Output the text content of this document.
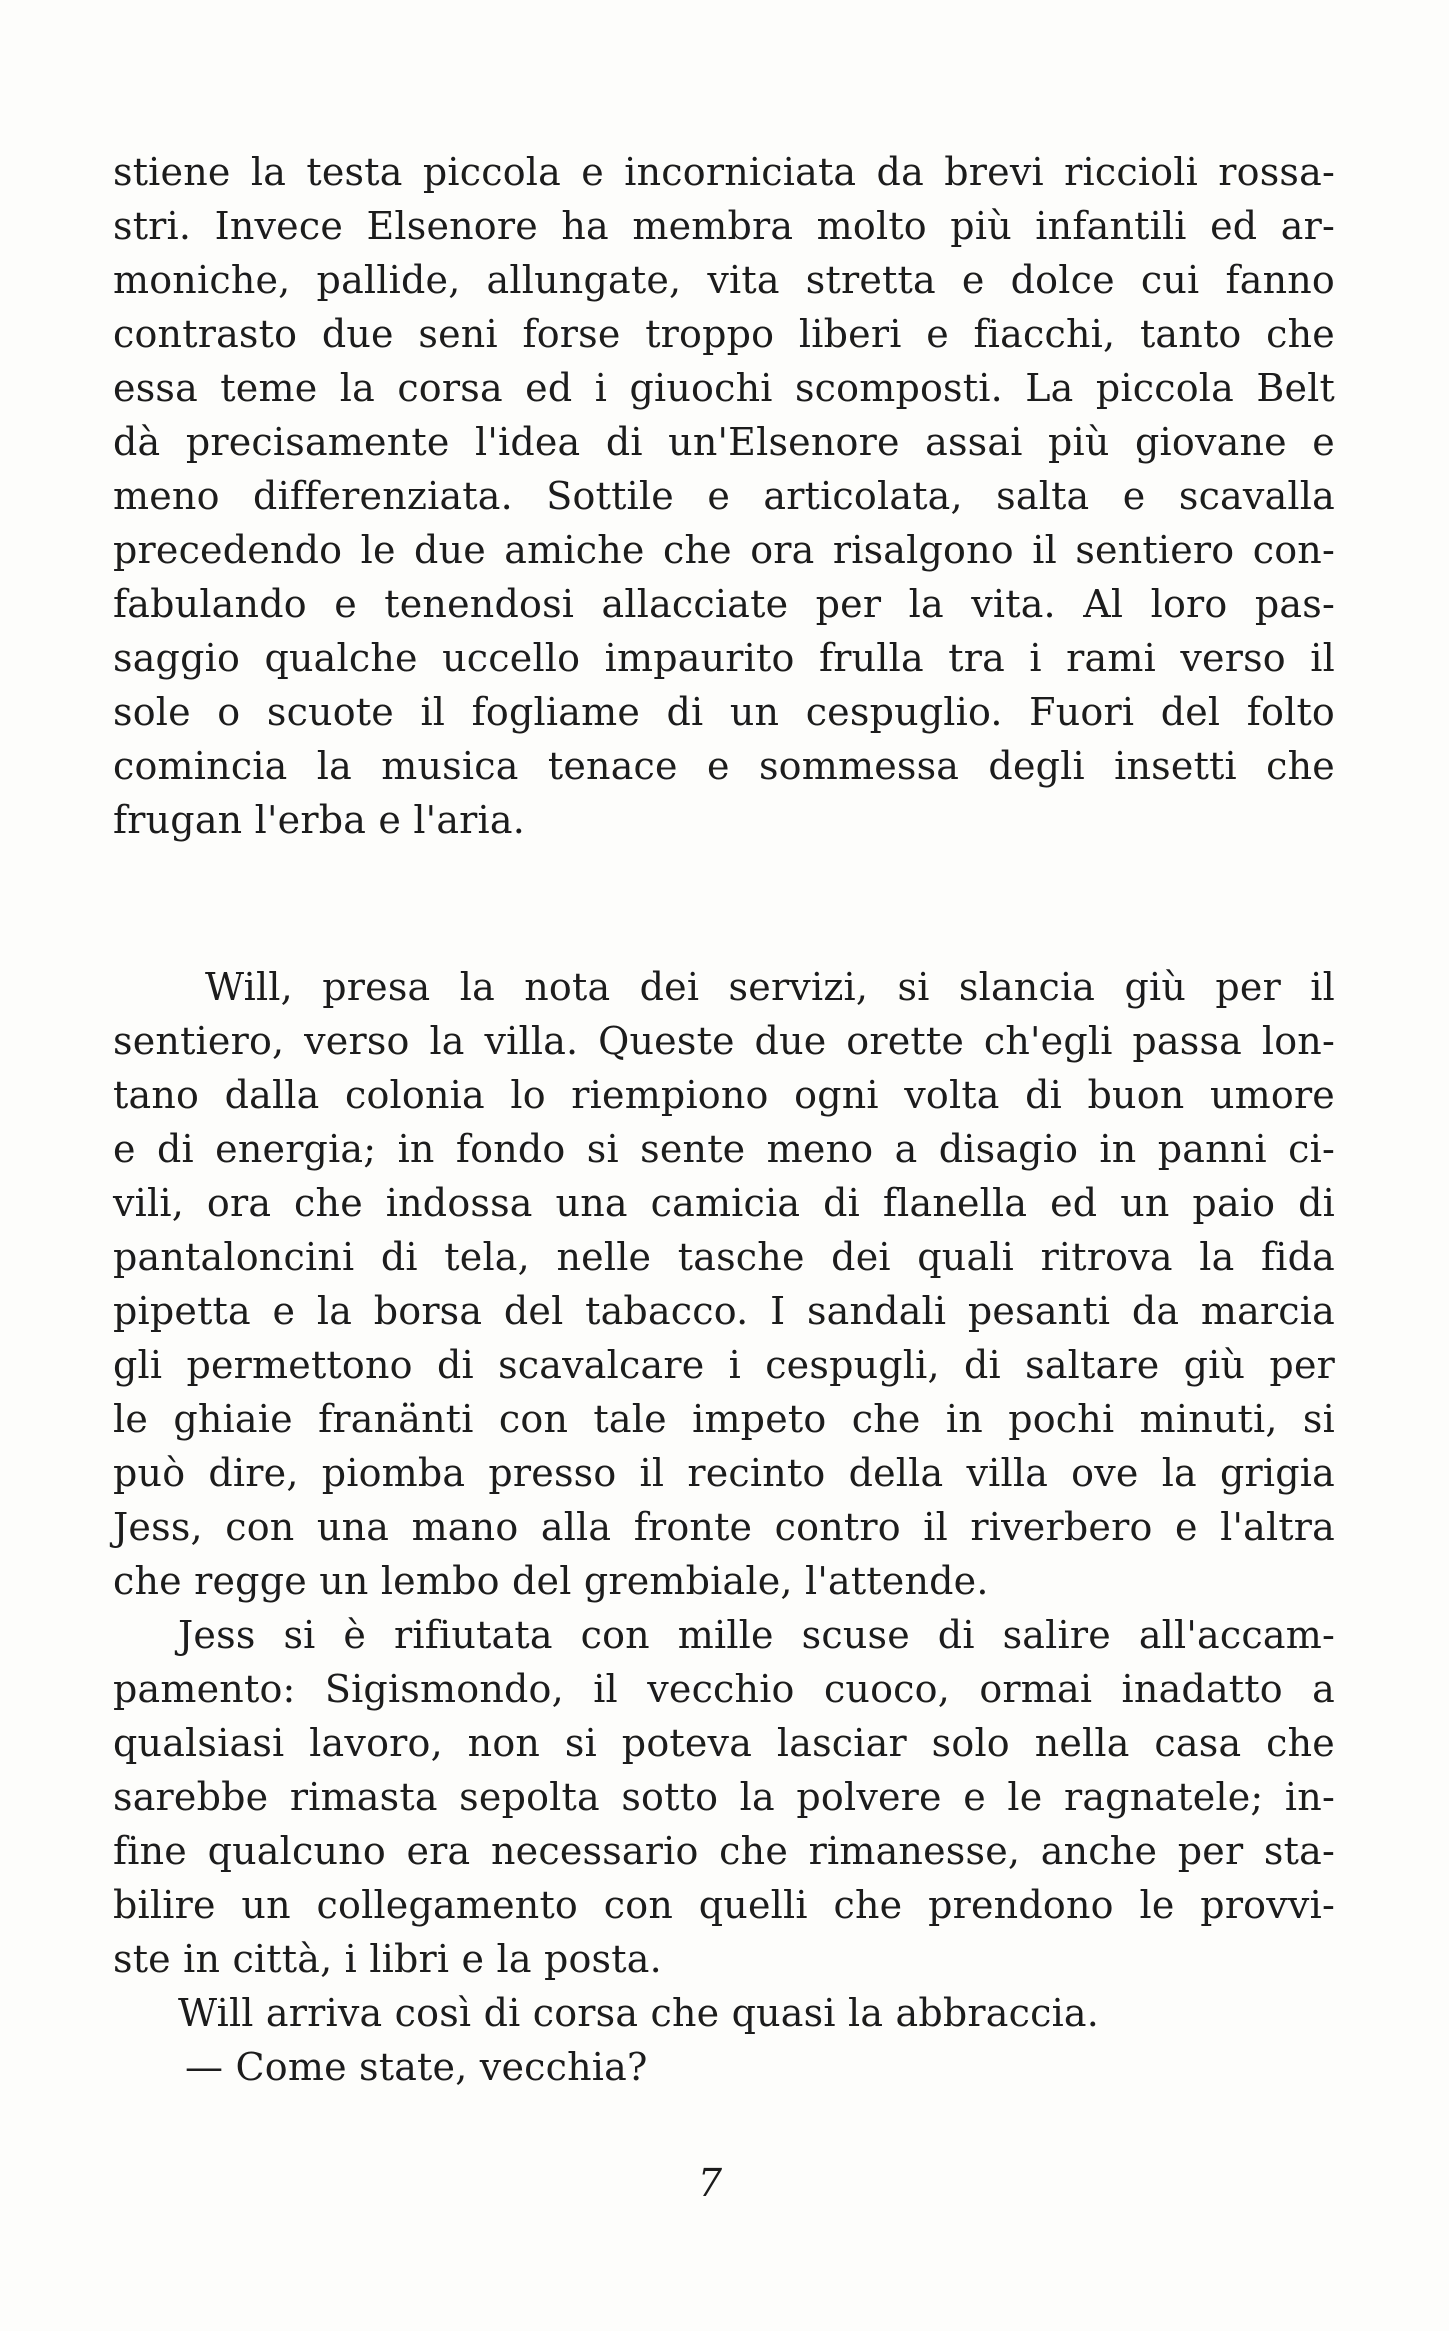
stiene la testa piccola e incorniciata da brevi riccioli rossa-
stri. Invece Elsenore ha membra molto più infantili ed ar-
moniche, pallide, allungate, vita stretta e dolce cui fanno
contrasto due seni forse troppo liberi e fiacchi, tanto che
essa teme la corsa ed i giuochi scomposti. La piccola Belt
dà precisamente l'idea di un'Elsenore assai più giovane e
meno differenziata. Sottile e articolata, salta e scavalla
precedendo le due amiche che ora risalgono il sentiero con-
fabulando e tenendosi allacciate per la vita. Al loro pas-
saggio qualche uccello impaurito frulla tra i rami verso il
sole o scuote il fogliame di un cespuglio. Fuori del folto
comincia la musica tenace e sommessa degli insetti che
frugan l'erba e l'aria.
Will, presa la nota dei servizi, si slancia giù per il
sentiero, verso la villa. Queste due orette ch'egli passa lon-
tano dalla colonia lo riempiono ogni volta di buon umore
e di energia; in fondo si sente meno a disagio in panni ci-
vili, ora che indossa una camicia di flanella ed un paio di
pantaloncini di tela, nelle tasche dei quali ritrova la fida
pipetta e la borsa del tabacco. I sandali pesanti da marcia
gli permettono di scavalcare i cespugli, di saltare giù per
le ghiaie franänti con tale impeto che in pochi minuti, si
può dire, piomba presso il recinto della villa ove la grigia
Jess, con una mano alla fronte contro il riverbero e l'altra
che regge un lembo del grembiale, l'attende.
Jess si è rifiutata con mille scuse di salire all'accam-
pamento: Sigismondo, il vecchio cuoco, ormai inadatto a
qualsiasi lavoro, non si poteva lasciar solo nella casa che
sarebbe rimasta sepolta sotto la polvere e le ragnatele; in-
fine qualcuno era necessario che rimanesse, anche per sta-
bilire un collegamento con quelli che prendono le provvi-
ste in città, i libri e la posta.
Will arriva così di corsa che quasi la abbraccia.
— Come state, vecchia?
7
